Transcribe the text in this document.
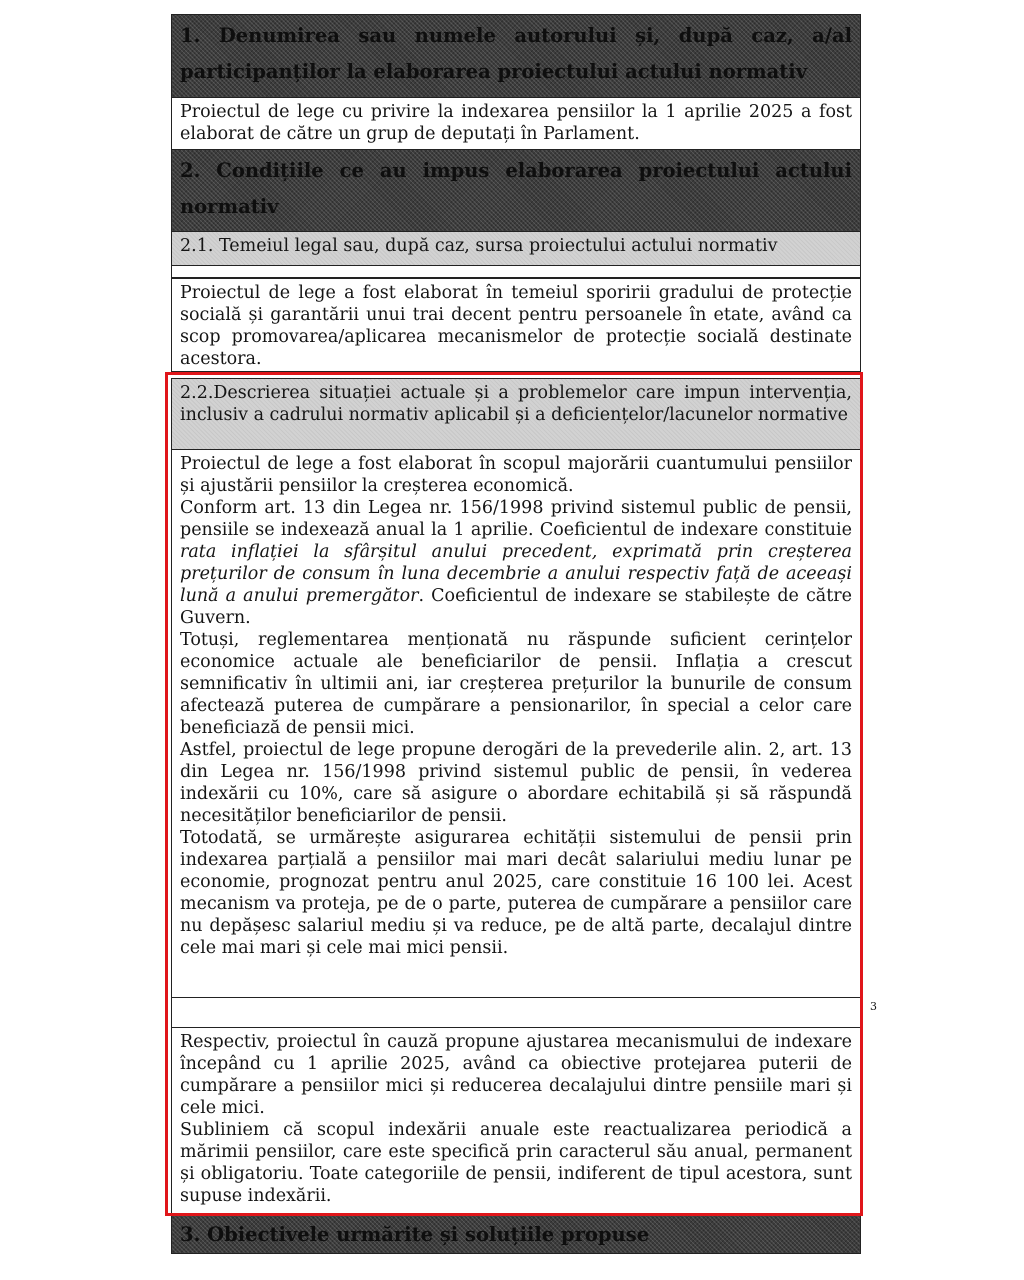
1. Denumirea sau numele autorului și, după caz, a/al participanților la elaborarea proiectului actului normativ

Proiectul de lege cu privire la indexarea pensiilor la 1 aprilie 2025 a fost elaborat de către un grup de deputați în Parlament.

2. Condițiile ce au impus elaborarea proiectului actului normativ

2.1. Temeiul legal sau, după caz, sursa proiectului actului normativ

Proiectul de lege a fost elaborat în temeiul sporirii gradului de protecție socială și garantării unui trai decent pentru persoanele în etate, având ca scop promovarea/aplicarea mecanismelor de protecție socială destinate acestora.

2.2.Descrierea situației actuale și a problemelor care impun intervenția, inclusiv a cadrului normativ aplicabil și a deficiențelor/lacunelor normative

Proiectul de lege a fost elaborat în scopul majorării cuantumului pensiilor și ajustării pensiilor la creșterea economică.

Conform art. 13 din Legea nr. 156/1998 privind sistemul public de pensii, pensiile se indexează anual la 1 aprilie. Coeficientul de indexare constituie rata inflației la sfârșitul anului precedent, exprimată prin creșterea prețurilor de consum în luna decembrie a anului respectiv față de aceeași lună a anului premergător. Coeficientul de indexare se stabilește de către Guvern.

Totuși, reglementarea menționată nu răspunde suficient cerințelor economice actuale ale beneficiarilor de pensii. Inflația a crescut semnificativ în ultimii ani, iar creșterea prețurilor la bunurile de consum afectează puterea de cumpărare a pensionarilor, în special a celor care beneficiază de pensii mici.

Astfel, proiectul de lege propune derogări de la prevederile alin. 2, art. 13 din Legea nr. 156/1998 privind sistemul public de pensii, în vederea indexării cu 10%, care să asigure o abordare echitabilă și să răspundă necesităților beneficiarilor de pensii.

Totodată, se urmărește asigurarea echității sistemului de pensii prin indexarea parțială a pensiilor mai mari decât salariului mediu lunar pe economie, prognozat pentru anul 2025, care constituie 16 100 lei. Acest mecanism va proteja, pe de o parte, puterea de cumpărare a pensiilor care nu depășesc salariul mediu și va reduce, pe de altă parte, decalajul dintre cele mai mari și cele mai mici pensii.

Respectiv, proiectul în cauză propune ajustarea mecanismului de indexare începând cu 1 aprilie 2025, având ca obiective protejarea puterii de cumpărare a pensiilor mici și reducerea decalajului dintre pensiile mari și cele mici.

Subliniem că scopul indexării anuale este reactualizarea periodică a mărimii pensiilor, care este specifică prin caracterul său anual, permanent și obligatoriu. Toate categoriile de pensii, indiferent de tipul acestora, sunt supuse indexării.

3. Obiectivele urmărite și soluțiile propuse

3
